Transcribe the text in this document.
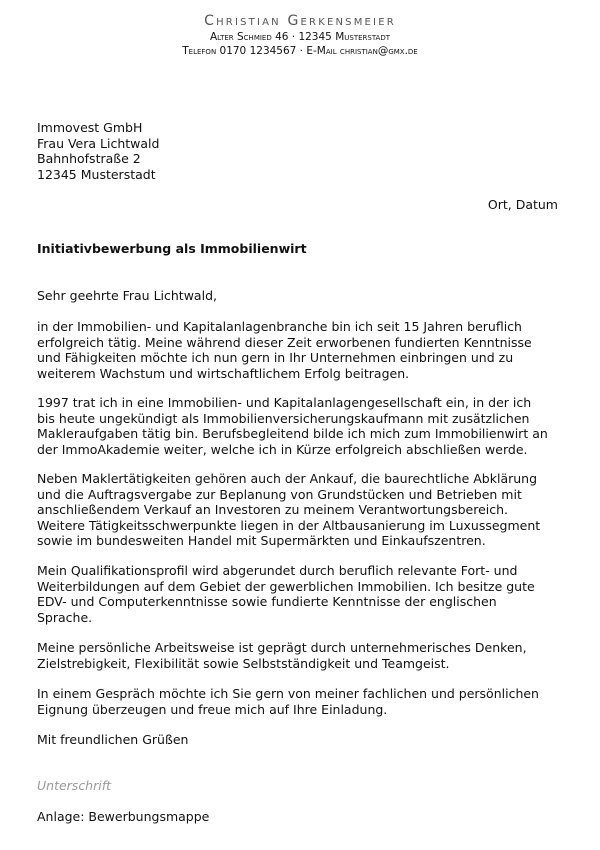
Christian Gerkensmeier

Alter Schmied 46 · 12345 Musterstadt

Telefon 0170 1234567 · E-Mail christian@gmx.de

Immovest GmbH
Frau Vera Lichtwald
Bahnhofstraße 2
12345 Musterstadt
Ort, Datum
Initiativbewerbung als Immobilienwirt
Sehr geehrte Frau Lichtwald,
in der Immobilien- und Kapitalanlagenbranche bin ich seit 15 Jahren beruflich
erfolgreich tätig. Meine während dieser Zeit erworbenen fundierten Kenntnisse
und Fähigkeiten möchte ich nun gern in Ihr Unternehmen einbringen und zu
weiterem Wachstum und wirtschaftlichem Erfolg beitragen.
1997 trat ich in eine Immobilien- und Kapitalanlagengesellschaft ein, in der ich
bis heute ungekündigt als Immobilienversicherungskaufmann mit zusätzlichen
Makleraufgaben tätig bin. Berufsbegleitend bilde ich mich zum Immobilienwirt an
der ImmoAkademie weiter, welche ich in Kürze erfolgreich abschließen werde.
Neben Maklertätigkeiten gehören auch der Ankauf, die baurechtliche Abklärung
und die Auftragsvergabe zur Beplanung von Grundstücken und Betrieben mit
anschließendem Verkauf an Investoren zu meinem Verantwortungsbereich.
Weitere Tätigkeitsschwerpunkte liegen in der Altbausanierung im Luxussegment
sowie im bundesweiten Handel mit Supermärkten und Einkaufszentren.
Mein Qualifikationsprofil wird abgerundet durch beruflich relevante Fort- und
Weiterbildungen auf dem Gebiet der gewerblichen Immobilien. Ich besitze gute
EDV- und Computerkenntnisse sowie fundierte Kenntnisse der englischen
Sprache.
Meine persönliche Arbeitsweise ist geprägt durch unternehmerisches Denken,
Zielstrebigkeit, Flexibilität sowie Selbstständigkeit und Teamgeist.
In einem Gespräch möchte ich Sie gern von meiner fachlichen und persönlichen
Eignung überzeugen und freue mich auf Ihre Einladung.
Mit freundlichen Grüßen
Unterschrift
Anlage: Bewerbungsmappe
